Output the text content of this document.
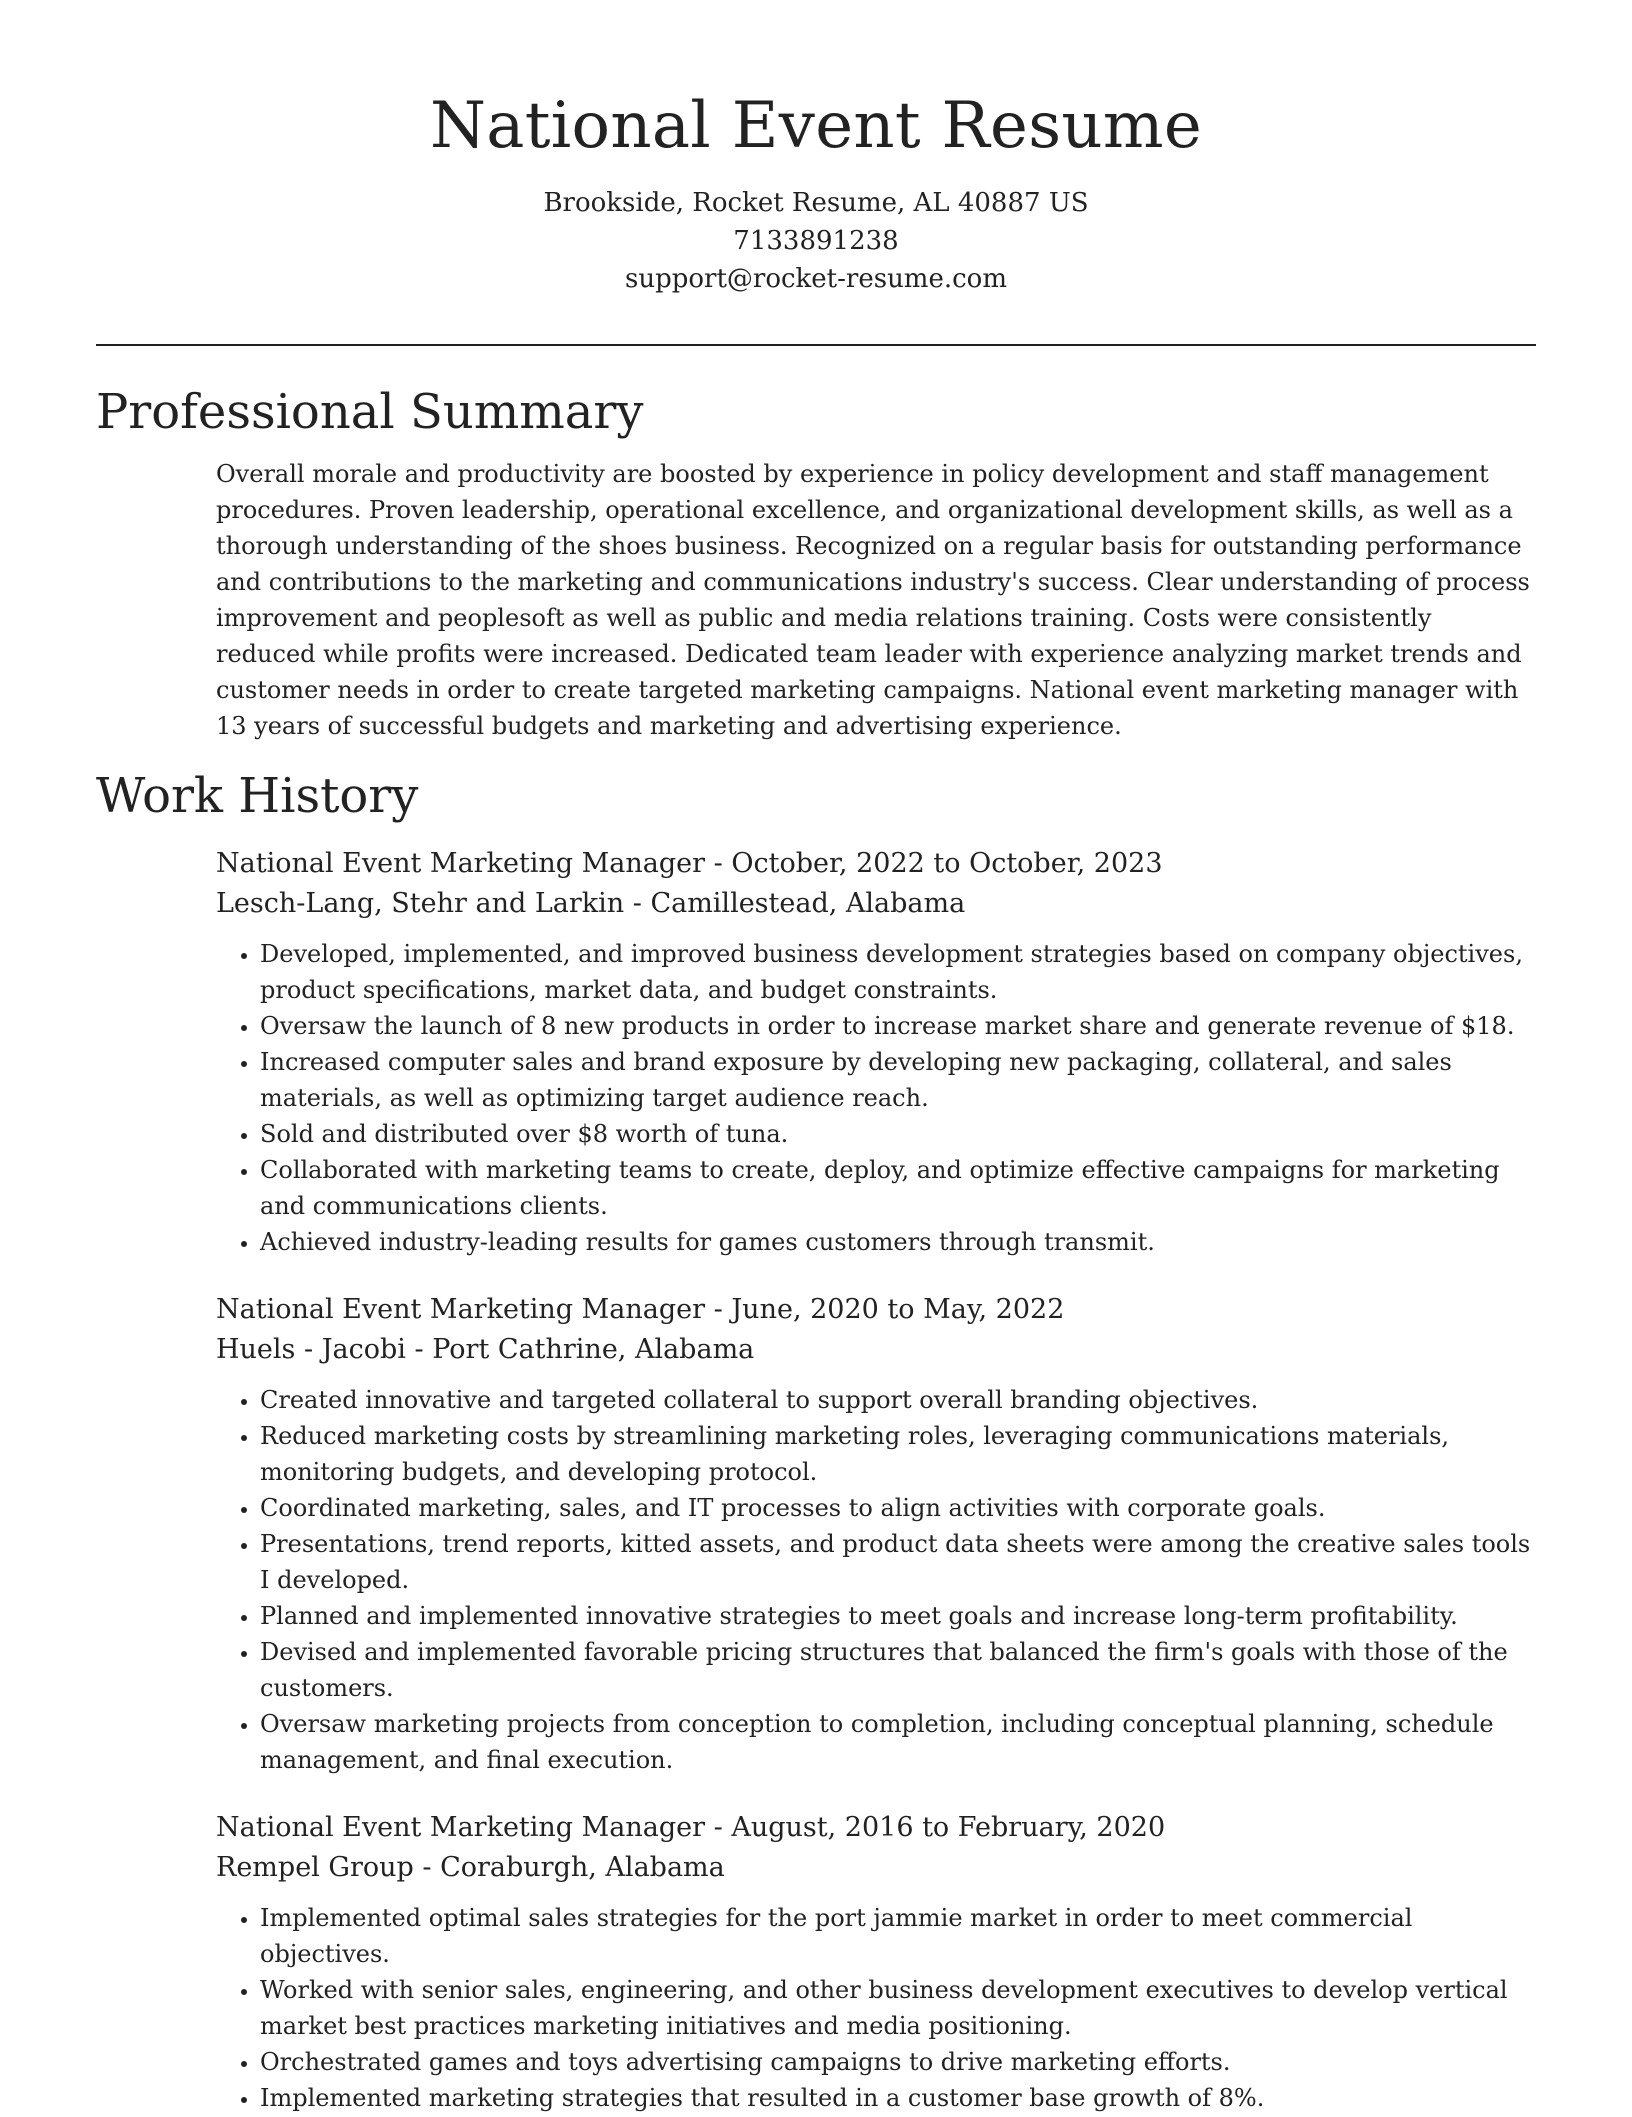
National Event Resume

Brookside, Rocket Resume, AL 40887 US

7133891238

support@rocket-resume.com

Professional Summary

Overall morale and productivity are boosted by experience in policy development and staff management procedures. Proven leadership, operational excellence, and organizational development skills, as well as a thorough understanding of the shoes business. Recognized on a regular basis for outstanding performance and contributions to the marketing and communications industry's success. Clear understanding of process improvement and peoplesoft as well as public and media relations training. Costs were consistently reduced while profits were increased. Dedicated team leader with experience analyzing market trends and customer needs in order to create targeted marketing campaigns. National event marketing manager with 13 years of successful budgets and marketing and advertising experience.

Work History

National Event Marketing Manager - October, 2022 to October, 2023

Lesch-Lang, Stehr and Larkin - Camillestead, Alabama

• Developed, implemented, and improved business development strategies based on company objectives, product specifications, market data, and budget constraints.
• Oversaw the launch of 8 new products in order to increase market share and generate revenue of $18.
• Increased computer sales and brand exposure by developing new packaging, collateral, and sales materials, as well as optimizing target audience reach.
• Sold and distributed over $8 worth of tuna.
• Collaborated with marketing teams to create, deploy, and optimize effective campaigns for marketing and communications clients.
• Achieved industry-leading results for games customers through transmit.

National Event Marketing Manager - June, 2020 to May, 2022

Huels - Jacobi - Port Cathrine, Alabama

• Created innovative and targeted collateral to support overall branding objectives.
• Reduced marketing costs by streamlining marketing roles, leveraging communications materials, monitoring budgets, and developing protocol.
• Coordinated marketing, sales, and IT processes to align activities with corporate goals.
• Presentations, trend reports, kitted assets, and product data sheets were among the creative sales tools I developed.
• Planned and implemented innovative strategies to meet goals and increase long-term profitability.
• Devised and implemented favorable pricing structures that balanced the firm's goals with those of the customers.
• Oversaw marketing projects from conception to completion, including conceptual planning, schedule management, and final execution.

National Event Marketing Manager - August, 2016 to February, 2020

Rempel Group - Coraburgh, Alabama

• Implemented optimal sales strategies for the port jammie market in order to meet commercial objectives.
• Worked with senior sales, engineering, and other business development executives to develop vertical market best practices marketing initiatives and media positioning.
• Orchestrated games and toys advertising campaigns to drive marketing efforts.
• Implemented marketing strategies that resulted in a customer base growth of 8%.
